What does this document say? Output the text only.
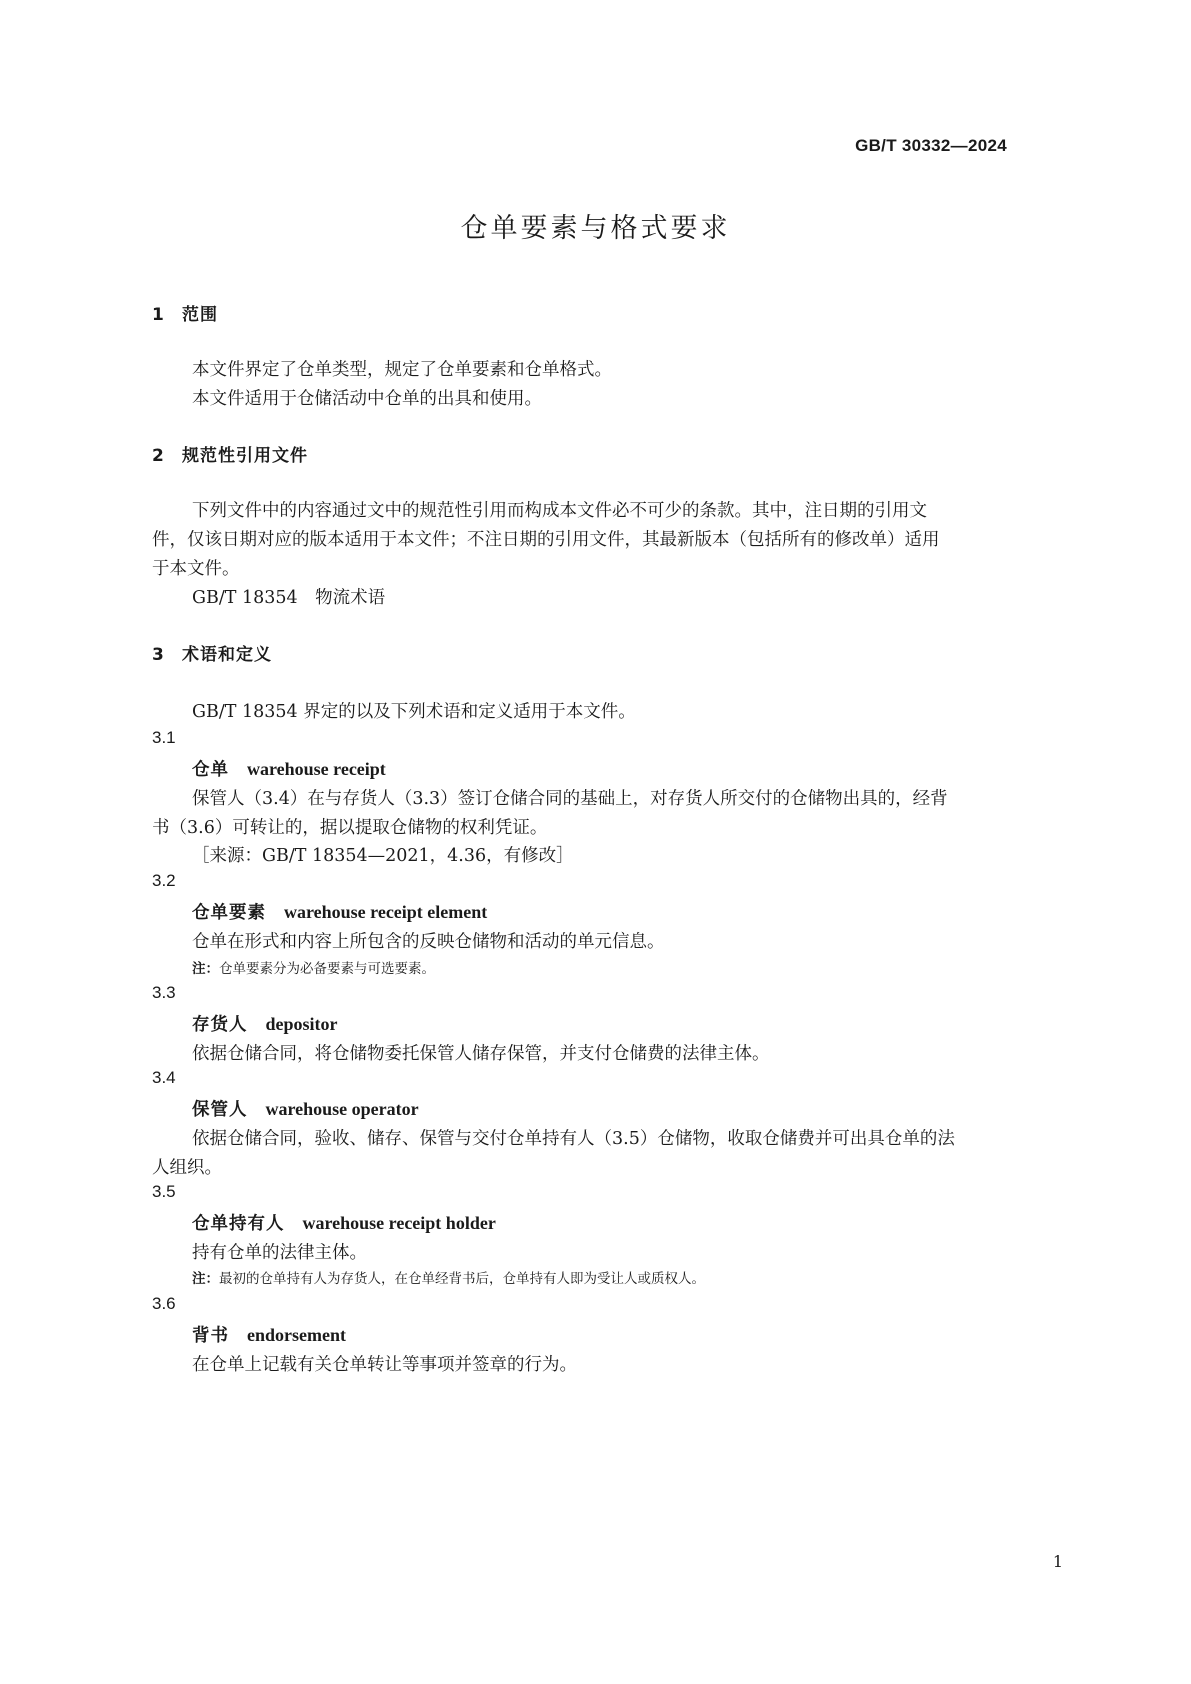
GB/T 30332—2024
仓单要素与格式要求
1 范围
本文件界定了仓单类型，规定了仓单要素和仓单格式。
本文件适用于仓储活动中仓单的出具和使用。
2 规范性引用文件
下列文件中的内容通过文中的规范性引用而构成本文件必不可少的条款。其中，注日期的引用文
件，仅该日期对应的版本适用于本文件；不注日期的引用文件，其最新版本（包括所有的修改单）适用
于本文件。
GB/T 18354　物流术语
3 术语和定义
GB/T 18354 界定的以及下列术语和定义适用于本文件。
3.1
仓单 warehouse receipt
保管人（3.4）在与存货人（3.3）签订仓储合同的基础上，对存货人所交付的仓储物出具的，经背
书（3.6）可转让的，据以提取仓储物的权利凭证。
［来源：GB/T 18354—2021，4.36，有修改］
3.2
仓单要素 warehouse receipt element
仓单在形式和内容上所包含的反映仓储物和活动的单元信息。
注：仓单要素分为必备要素与可选要素。
3.3
存货人 depositor
依据仓储合同，将仓储物委托保管人储存保管，并支付仓储费的法律主体。
3.4
保管人 warehouse operator
依据仓储合同，验收、储存、保管与交付仓单持有人（3.5）仓储物，收取仓储费并可出具仓单的法
人组织。
3.5
仓单持有人 warehouse receipt holder
持有仓单的法律主体。
注：最初的仓单持有人为存货人，在仓单经背书后，仓单持有人即为受让人或质权人。
3.6
背书 endorsement
在仓单上记载有关仓单转让等事项并签章的行为。
1
